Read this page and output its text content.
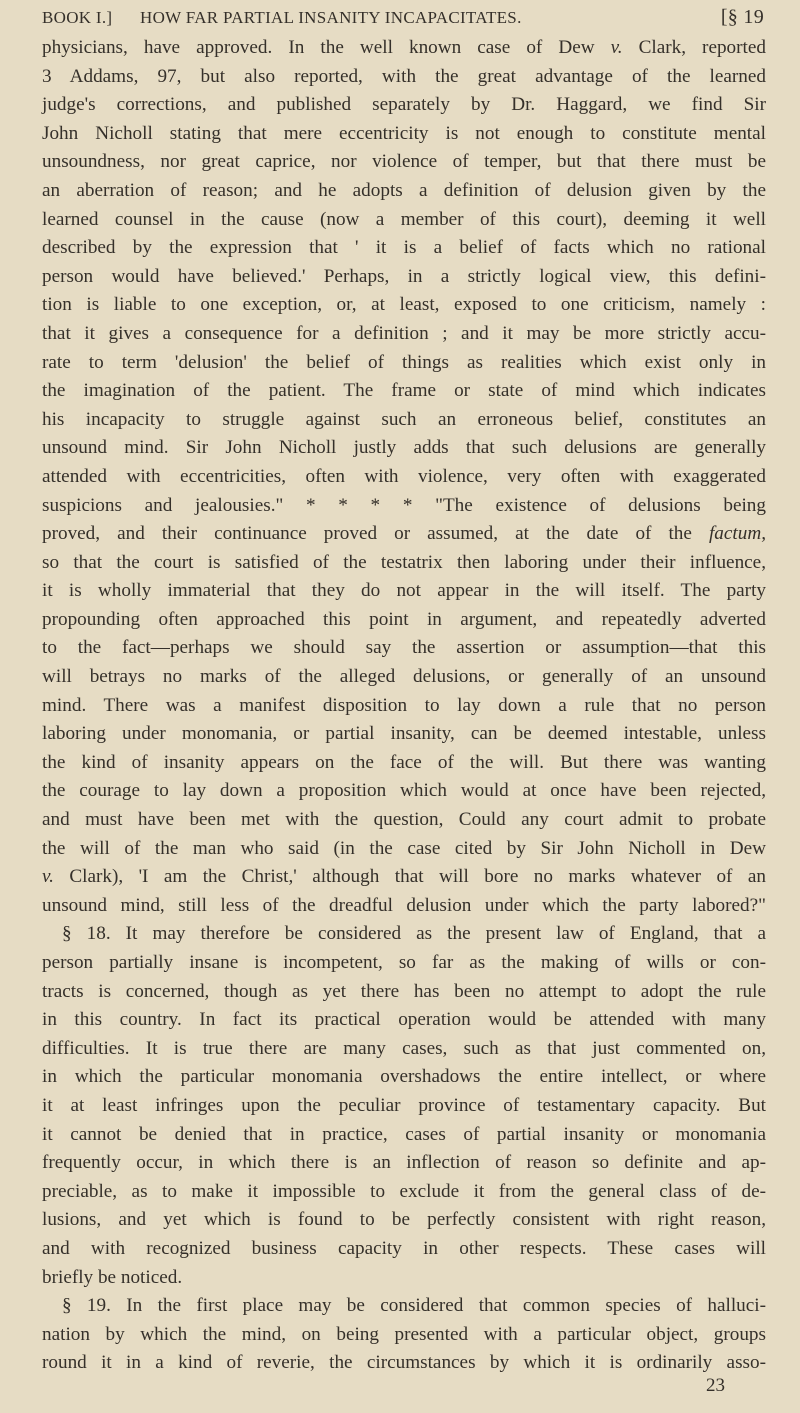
BOOK I.] HOW FAR PARTIAL INSANITY INCAPACITATES.	[§ 19
physicians, have approved. In the well known case of Dew v. Clark, reported
3 Addams, 97, but also reported, with the great advantage of the learned
judge's corrections, and published separately by Dr. Haggard, we find Sir
John Nicholl stating that mere eccentricity is not enough to constitute mental
unsoundness, nor great caprice, nor violence of temper, but that there must be
an aberration of reason; and he adopts a definition of delusion given by the
learned counsel in the cause (now a member of this court), deeming it well
described by the expression that ' it is a belief of facts which no rational
person would have believed.' Perhaps, in a strictly logical view, this defini-
tion is liable to one exception, or, at least, exposed to one criticism, namely :
that it gives a consequence for a definition ; and it may be more strictly accu-
rate to term 'delusion' the belief of things as realities which exist only in
the imagination of the patient. The frame or state of mind which indicates
his incapacity to struggle against such an erroneous belief, constitutes an
unsound mind. Sir John Nicholl justly adds that such delusions are generally
attended with eccentricities, often with violence, very often with exaggerated
suspicions and jealousies." * * * * "The existence of delusions being
proved, and their continuance proved or assumed, at the date of the factum,
so that the court is satisfied of the testatrix then laboring under their influence,
it is wholly immaterial that they do not appear in the will itself. The party
propounding often approached this point in argument, and repeatedly adverted
to the fact—perhaps we should say the assertion or assumption—that this
will betrays no marks of the alleged delusions, or generally of an unsound
mind. There was a manifest disposition to lay down a rule that no person
laboring under monomania, or partial insanity, can be deemed intestable, unless
the kind of insanity appears on the face of the will. But there was wanting
the courage to lay down a proposition which would at once have been rejected,
and must have been met with the question, Could any court admit to probate
the will of the man who said (in the case cited by Sir John Nicholl in Dew
v. Clark), 'I am the Christ,' although that will bore no marks whatever of an
unsound mind, still less of the dreadful delusion under which the party labored?"
§ 18. It may therefore be considered as the present law of England, that a
person partially insane is incompetent, so far as the making of wills or con-
tracts is concerned, though as yet there has been no attempt to adopt the rule
in this country. In fact its practical operation would be attended with many
difficulties. It is true there are many cases, such as that just commented on,
in which the particular monomania overshadows the entire intellect, or where
it at least infringes upon the peculiar province of testamentary capacity. But
it cannot be denied that in practice, cases of partial insanity or monomania
frequently occur, in which there is an inflection of reason so definite and ap-
preciable, as to make it impossible to exclude it from the general class of de-
lusions, and yet which is found to be perfectly consistent with right reason,
and with recognized business capacity in other respects. These cases will
briefly be noticed.
§ 19. In the first place may be considered that common species of halluci-
nation by which the mind, on being presented with a particular object, groups
round it in a kind of reverie, the circumstances by which it is ordinarily asso-
23
